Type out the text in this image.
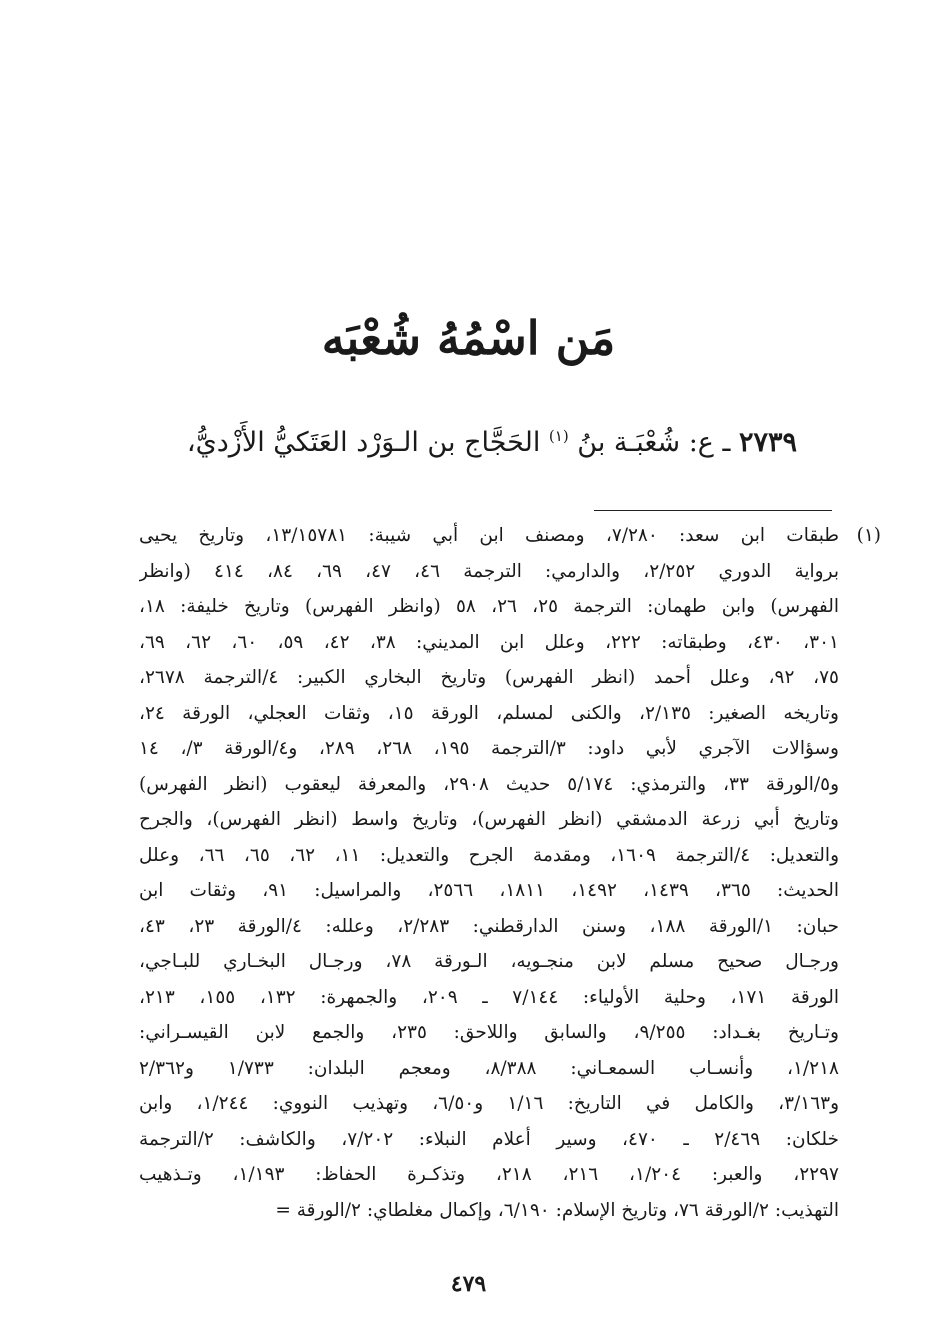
مَن اسْمُهُ شُعْبَه
٢٧٣٩ ـ ع: شُعْبَـة بنُ $^{(١)}$ الحَجَّاج بن الـوَرْد العَتَكيُّ الأَزْديُّ،
(١)
طبقات ابن سعد: ٧/٢٨٠، ومصنف ابن أبي شيبة: ١٣/١٥٧٨١، وتاريخ يحيى
برواية الدوري ٢/٢٥٢، والدارمي: الترجمة ٤٦، ٤٧، ٦٩، ٨٤، ٤١٤ (وانظر
الفهرس) وابن طهمان: الترجمة ٢٥، ٢٦، ٥٨ (وانظر الفهرس) وتاريخ خليفة: ١٨،
٣٠١، ٤٣٠، وطبقاته: ٢٢٢، وعلل ابن المديني: ٣٨، ٤٢، ٥٩، ٦٠، ٦٢، ٦٩،
٧٥، ٩٢، وعلل أحمد (انظر الفهرس) وتاريخ البخاري الكبير: ٤/الترجمة ٢٦٧٨،
وتاريخه الصغير: ٢/١٣٥، والكنى لمسلم، الورقة ١٥، وثقات العجلي، الورقة ٢٤،
وسؤالات الآجري لأبي داود: ٣/الترجمة ١٩٥، ٢٦٨، ٢٨٩، و٤/الورقة ٣/، ١٤
و٥/الورقة ٣٣، والترمذي: ٥/١٧٤ حديث ٢٩٠٨، والمعرفة ليعقوب (انظر الفهرس)
وتاريخ أبي زرعة الدمشقي (انظر الفهرس)، وتاريخ واسط (انظر الفهرس)، والجرح
والتعديل: ٤/الترجمة ١٦٠٩، ومقدمة الجرح والتعديل: ١١، ٦٢، ٦٥، ٦٦، وعلل
الحديث: ٣٦٥، ١٤٣٩، ١٤٩٢، ١٨١١، ٢٥٦٦، والمراسيل: ٩١، وثقات ابن
حبان: ١/الورقة ١٨٨، وسنن الدارقطني: ٢/٢٨٣، وعلله: ٤/الورقة ٢٣، ٤٣،
ورجـال صحيح مسلم لابن منجـويه، الـورقة ٧٨، ورجـال البخـاري للبـاجي،
الورقة ١٧١، وحلية الأولياء: ٧/١٤٤ ـ ٢٠٩، والجمهرة: ١٣٢، ١٥٥، ٢١٣،
وتـاريخ بغـداد: ٩/٢٥٥، والسابق واللاحق: ٢٣٥، والجمع لابن القيسـراني:
١/٢١٨، وأنسـاب السمعـاني: ٨/٣٨٨، ومعجم البلدان: ١/٧٣٣ و٢/٣٦٢
و٣/١٦٣، والكامل في التاريخ: ١/١٦ و٦/٥٠، وتهذيب النووي: ١/٢٤٤، وابن
خلكان: ٢/٤٦٩ ـ ٤٧٠، وسير أعلام النبلاء: ٧/٢٠٢، والكاشف: ٢/الترجمة
٢٢٩٧، والعبر: ١/٢٠٤، ٢١٦، ٢١٨، وتذكـرة الحفاظ: ١/١٩٣، وتـذهيب
التهذيب: ٢/الورقة ٧٦، وتاريخ الإسلام: ٦/١٩٠، وإكمال مغلطاي: ٢/الورقة =
٤٧٩
